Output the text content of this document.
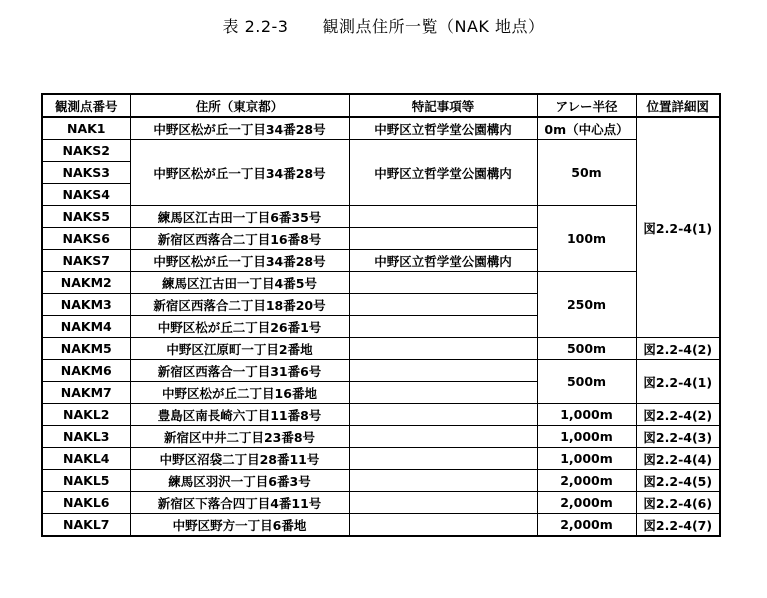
表 2.2-3 観測点住所一覧（NAK 地点）
観測点番号	住所（東京都）	特記事項等	アレー半径	位置詳細図
NAK1	中野区松が丘一丁目34番28号	中野区立哲学堂公園構内	0m（中心点）	図2.2-4(1)
NAKS2	中野区松が丘一丁目34番28号	中野区立哲学堂公園構内	50m	
NAKS3				
NAKS4				
NAKS5	練馬区江古田一丁目6番35号		100m	
NAKS6	新宿区西落合二丁目16番8号			
NAKS7	中野区松が丘一丁目34番28号	中野区立哲学堂公園構内		
NAKM2	練馬区江古田一丁目4番5号		250m	
NAKM3	新宿区西落合二丁目18番20号			
NAKM4	中野区松が丘二丁目26番1号			
NAKM5	中野区江原町一丁目2番地		500m	図2.2-4(2)
NAKM6	新宿区西落合一丁目31番6号		500m	図2.2-4(1)
NAKM7	中野区松が丘二丁目16番地			
NAKL2	豊島区南長崎六丁目11番8号		1,000m	図2.2-4(2)
NAKL3	新宿区中井二丁目23番8号		1,000m	図2.2-4(3)
NAKL4	中野区沼袋二丁目28番11号		1,000m	図2.2-4(4)
NAKL5	練馬区羽沢一丁目6番3号		2,000m	図2.2-4(5)
NAKL6	新宿区下落合四丁目4番11号		2,000m	図2.2-4(6)
NAKL7	中野区野方一丁目6番地		2,000m	図2.2-4(7)
